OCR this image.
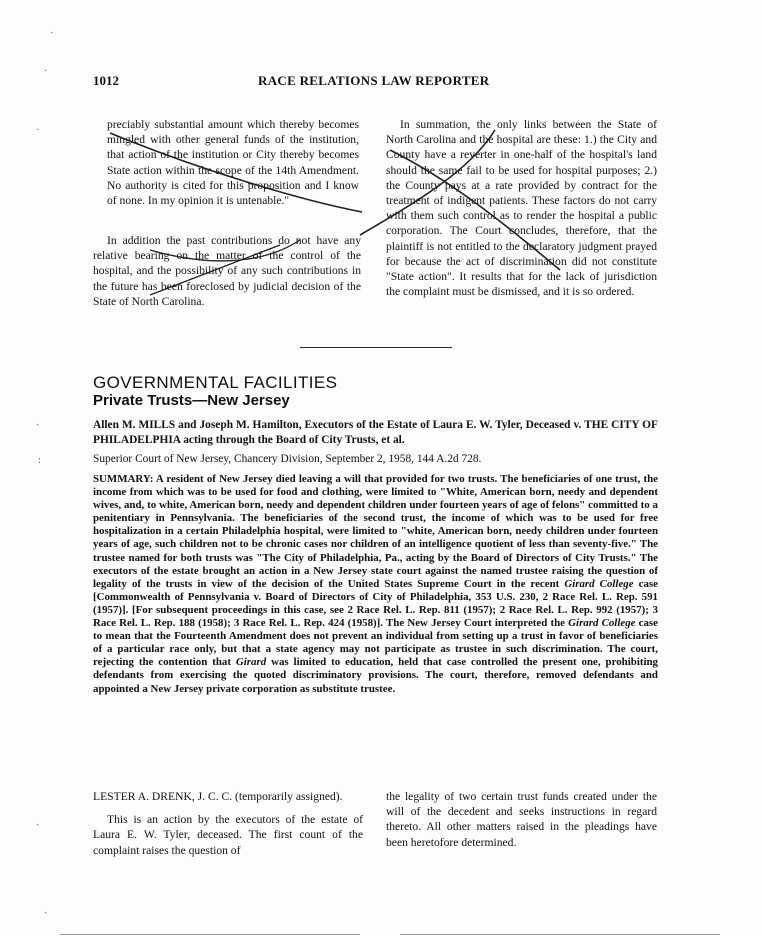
·
·
·
·
:
·
·
1012	RACE RELATIONS LAW REPORTER

preciably substantial amount which thereby becomes mingled with other general funds of the institution, that action of the institution or City thereby becomes State action within the scope of the 14th Amendment. No authority is cited for this proposition and I know of none. In my opinion it is untenable."

In addition the past contributions do not have any relative bearing on the matter of the control of the hospital, and the possibility of any such contributions in the future has been foreclosed by judicial decision of the State of North Carolina.

In summation, the only links between the State of North Carolina and the hospital are these: 1.) the City and County have a reverter in one-half of the hospital's land should the same fail to be used for hospital purposes; 2.) the County pays at a rate provided by contract for the treatment of indigent patients. These factors do not carry with them such control as to render the hospital a public corporation. The Court concludes, therefore, that the plaintiff is not entitled to the declaratory judgment prayed for because the act of discrimination did not constitute "State action". It results that for the lack of jurisdiction the complaint must be dismissed, and it is so ordered.

GOVERNMENTAL FACILITIES
Private Trusts—New Jersey
Allen M. MILLS and Joseph M. Hamilton, Executors of the Estate of Laura E. W. Tyler, Deceased v. THE CITY OF PHILADELPHIA acting through the Board of City Trusts, et al.
Superior Court of New Jersey, Chancery Division, September 2, 1958, 144 A.2d 728.
SUMMARY: A resident of New Jersey died leaving a will that provided for two trusts. The beneficiaries of one trust, the income from which was to be used for food and clothing, were limited to "White, American born, needy and dependent wives, and, to white, American born, needy and dependent children under fourteen years of age of felons" committed to a penitentiary in Pennsylvania. The beneficiaries of the second trust, the income of which was to be used for free hospitalization in a certain Philadelphia hospital, were limited to "white, American born, needy children under fourteen years of age, such children not to be chronic cases nor children of an intelligence quotient of less than seventy-five." The trustee named for both trusts was "The City of Philadelphia, Pa., acting by the Board of Directors of City Trusts." The executors of the estate brought an action in a New Jersey state court against the named trustee raising the question of legality of the trusts in view of the decision of the United States Supreme Court in the recent Girard College case [Commonwealth of Pennsylvania v. Board of Directors of City of Philadelphia, 353 U.S. 230, 2 Race Rel. L. Rep. 591 (1957)]. [For subsequent proceedings in this case, see 2 Race Rel. L. Rep. 811 (1957); 2 Race Rel. L. Rep. 992 (1957); 3 Race Rel. L. Rep. 188 (1958); 3 Race Rel. L. Rep. 424 (1958)]. The New Jersey Court interpreted the Girard College case to mean that the Fourteenth Amendment does not prevent an individual from setting up a trust in favor of beneficiaries of a particular race only, but that a state agency may not participate as trustee in such discrimination. The court, rejecting the contention that Girard was limited to education, held that case controlled the present one, prohibiting defendants from exercising the quoted discriminatory provisions. The court, therefore, removed defendants and appointed a New Jersey private corporation as substitute trustee.

LESTER A. DRENK, J. C. C. (temporarily assigned).

This is an action by the executors of the estate of Laura E. W. Tyler, deceased. The first count of the complaint raises the question of

the legality of two certain trust funds created under the will of the decedent and seeks instructions in regard thereto. All other matters raised in the pleadings have been heretofore determined.
